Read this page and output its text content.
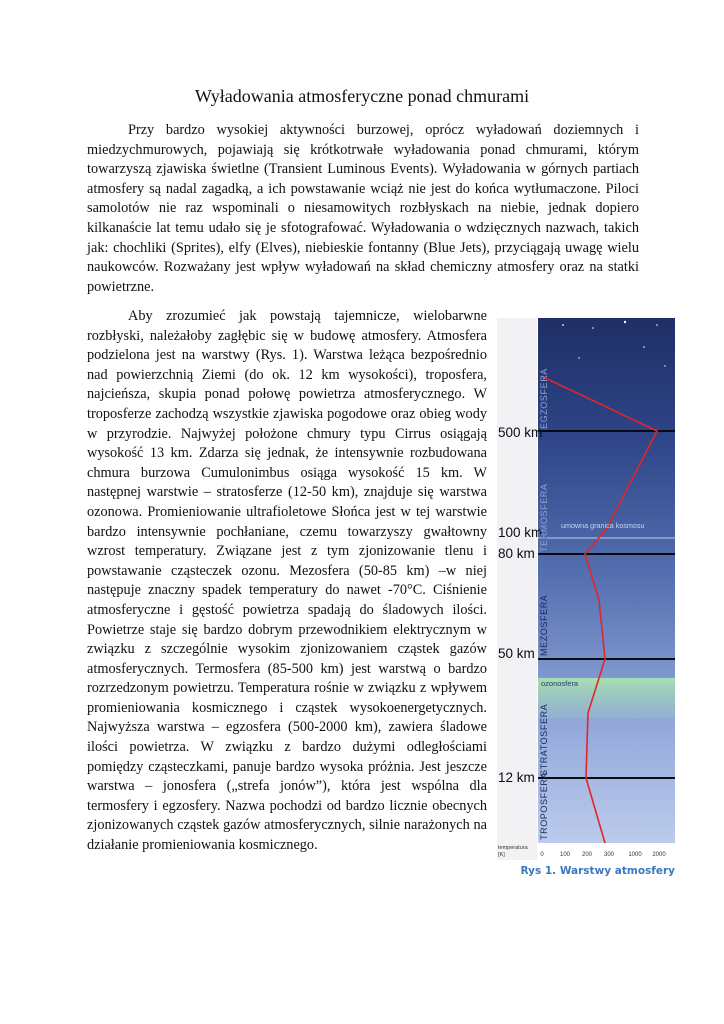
Wyładowania atmosferyczne ponad chmurami

Przy bardzo wysokiej aktywności burzowej, oprócz wyładowań doziemnych i miedzychmurowych, pojawiają się krótkotrwałe wyładowania ponad chmurami, którym towarzyszą zjawiska świetlne (Transient Luminous Events). Wyładowania w górnych partiach atmosfery są nadal zagadką, a ich powstawanie wciąż nie jest do końca wytłumaczone. Piloci samolotów nie raz wspominali o niesamowitych rozbłyskach na niebie, jednak dopiero kilkanaście lat temu udało się je sfotografować. Wyładowania o wdzięcznych nazwach, takich jak: chochliki (Sprites), elfy (Elves), niebieskie fontanny (Blue Jets), przyciągają uwagę wielu naukowców. Rozważany jest wpływ wyładowań na skład chemiczny atmosfery oraz na statki powietrzne.

Aby zrozumieć jak powstają tajemnicze, wielobarwne rozbłyski, należałoby zagłębic się w budowę atmosfery. Atmosfera podzielona jest na warstwy (Rys. 1). Warstwa leżąca bezpośrednio nad powierzchnią Ziemi (do ok. 12 km wysokości), troposfera, najcieńsza, skupia ponad połowę powietrza atmosferycznego. W troposferze zachodzą wszystkie zjawiska pogodowe oraz obieg wody w przyrodzie. Najwyżej położone chmury typu Cirrus osiągają wysokość 13 km. Zdarza się jednak, że intensywnie rozbudowana chmura burzowa Cumulonimbus osiąga wysokość 15 km. W następnej warstwie – stratosferze (12-50 km), znajduje się warstwa ozonowa. Promieniowanie ultrafioletowe Słońca jest w tej warstwie bardzo intensywnie pochłaniane, czemu towarzyszy gwałtowny wzrost temperatury. Związane jest z tym zjonizowanie tlenu i powstawanie cząsteczek ozonu. Mezosfera (50-85 km) –w niej następuje znaczny spadek temperatury do nawet -70°C. Ciśnienie atmosferyczne i gęstość powietrza spadają do śladowych ilości. Powietrze staje się bardzo dobrym przewodnikiem elektrycznym w związku z szczególnie wysokim zjonizowaniem cząstek gazów atmosferycznych. Termosfera (85-500 km) jest warstwą o bardzo rozrzedzonym powietrzu. Temperatura rośnie w związku z wpływem promieniowania kosmicznego i cząstek wysokoenergetycznych. Najwyższa warstwa – egzosfera (500-2000 km), zawiera śladowe ilości powietrza. W związku z bardzo dużymi odległościami pomiędzy cząsteczkami, panuje bardzo wysoka próżnia. Jest jeszcze warstwa – jonosfera („strefa jonów”), która jest wspólna dla termosfery i egzosfery. Nazwa pochodzi od bardzo licznie obecnych zjonizowanych cząstek gazów atmosferycznych, silnie narażonych na działanie promieniowania kosmicznego.

500 km
100 km
80 km
50 km
12 km
EGZOSFERA
TERMOSFERA
MEZOSFERA
STRATOSFERA
TROPOSFERA
umowna granica kosmosu
ozonosfera
temperatura
[K]	0	100 200 300 1000 2000
Rys 1. Warstwy atmosfery
